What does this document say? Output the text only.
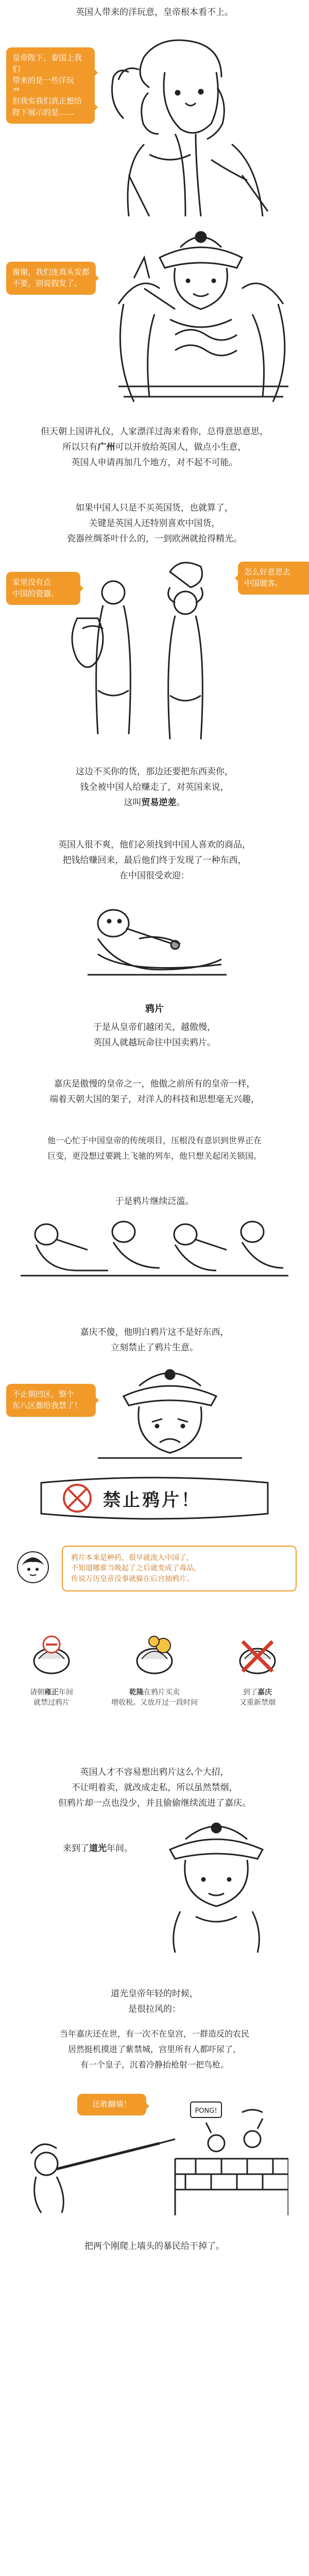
英国人带来的洋玩意，皇帝根本看不上。
皇帝陛下，泰国上我们
带来的是一些洋玩
但我实我们真正想给
陛下展示的是……
谢谢，我们连真头发都
不要，别说假发了。
但天朝上国讲礼仪，人家漂洋过海来看你，总得意思意思，
所以只有广州可以开放给英国人，做点小生意，
英国人申请再加几个地方，对不起不可能。
如果中国人只是不买英国货，也就算了，
关键是英国人还特别喜欢中国货，
瓷器丝绸茶叶什么的，一到欧洲就抢得精光。
家里没有点
中国的瓷器。
怎么好意思去
中国做客。
这边不买你的货，那边还要把东西卖你，
钱全被中国人给赚走了，对英国来说，
这叫贸易逆差。
英国人很不爽，他们必须找到中国人喜欢的商品，
把钱给赚回来，最后他们终于发现了一种东西，
在中国很受欢迎：
鸦片
于是从皇帝们越闭关，越傲慢，
英国人就越玩命往中国卖鸦片。
嘉庆是傲慢的皇帝之一，他傲之前所有的皇帝一样，
端着天朝大国的架子，对洋人的科技和思想毫无兴趣，
他一心忙于中国皇帝的传统项目，压根没有意识到世界正在
巨变，更没想过要跳上飞驰的列车，他只想关起闭关锁国。
于是鸦片继续泛滥。
嘉庆不傻，他明白鸦片这不是好东西，
立刻禁止了鸦片生意。
不止朝凹区，整个
东八区都给我禁了！
禁止鸦片！
鸦片本来是种药，很早就流入中国了，
不知道哪谁当吸起了之后就变成了毒品，
传说万历皇帝没事就躲在后宫抽鸦片。
请朝雍正年间
就禁过鸦片
乾隆在鸦片买卖
增收税。又放开过一段时间
到了嘉庆
又重新禁烟
英国人才不容易想出鸦片这么个大招，
不让明着卖，就改成走私，所以虽然禁烟，
但鸦片却一点也没少，并且偷偷继续流进了嘉庆。
来到了道光年间。
道光皇帝年轻的时候，
是很拉风的：
当年嘉庆还在世，有一次不在皇宫，一群造反的农民
居然挺机摸进了紫禁城，宫里所有人都吓尿了，
有一个皇子，沉着冷静抬枪射一把鸟枪。
还敢翻墙！
PONG!
把两个刚爬上墙头的暴民给干掉了。
